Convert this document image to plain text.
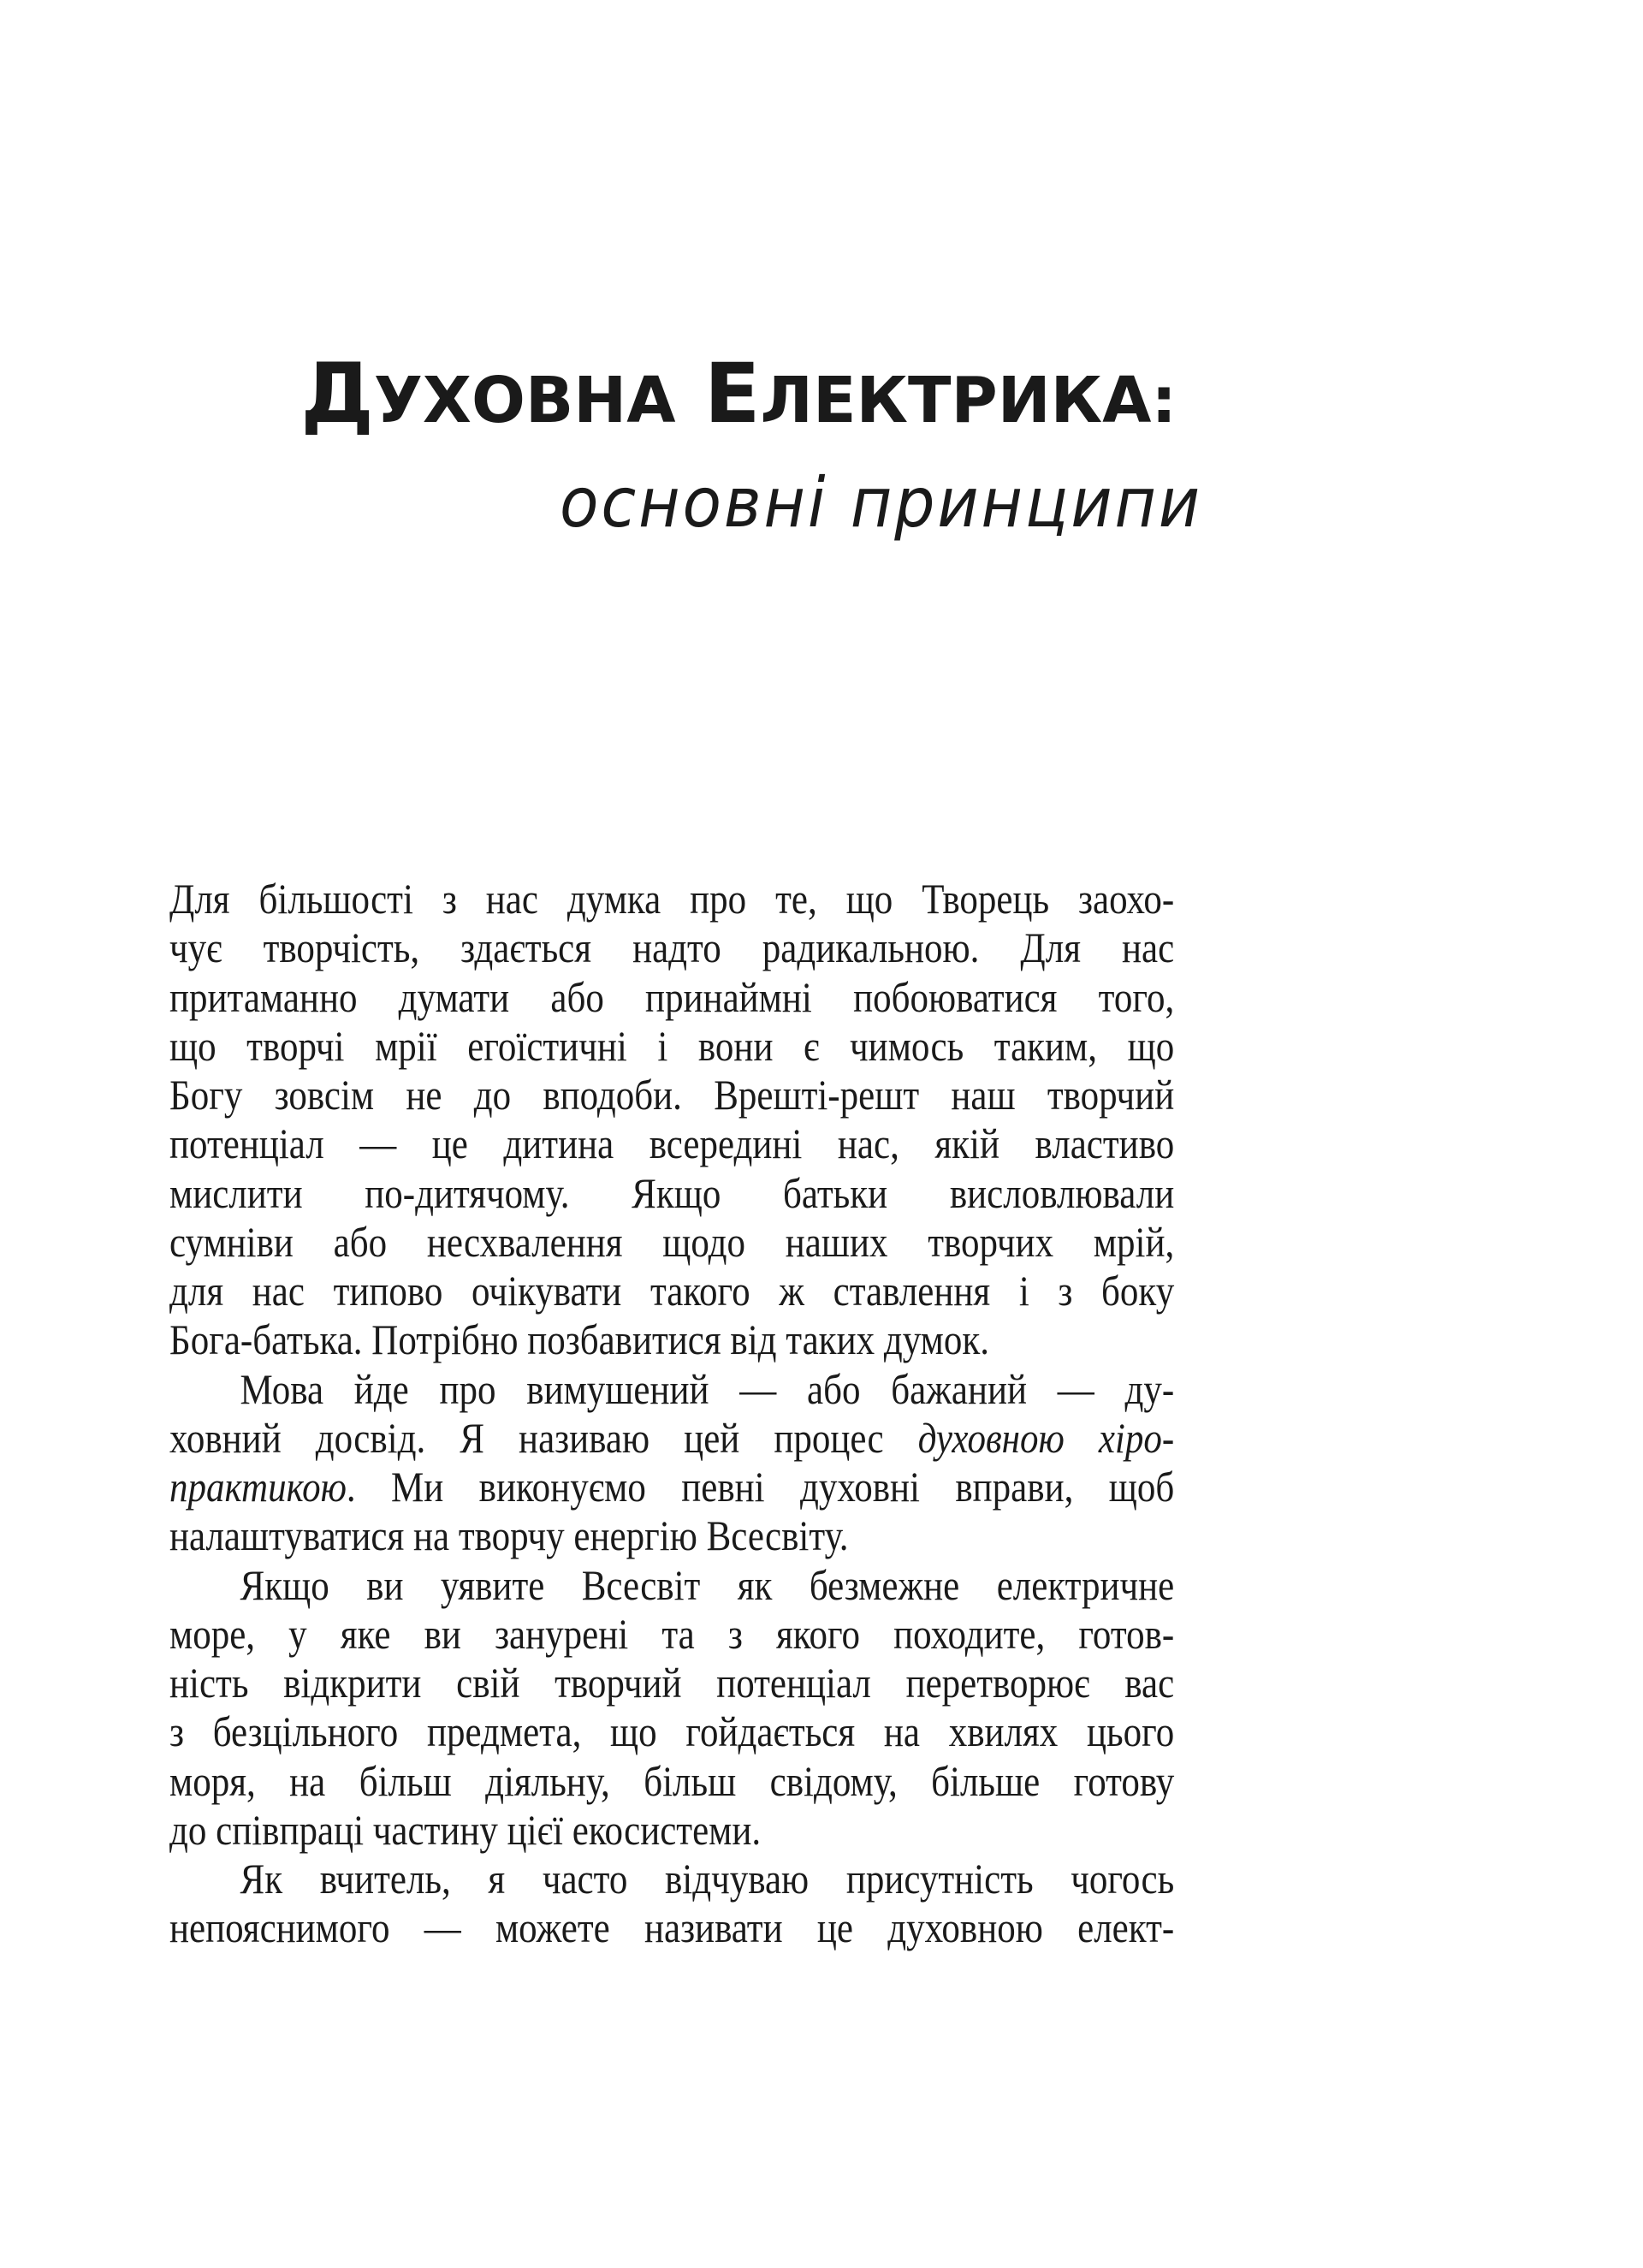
ДУХОВНА ЕЛЕКТРИКА:
основні принципи
Для більшості з нас думка про те, що Творець заохо-
чує творчість, здається надто радикальною. Для нас
притаманно думати або принаймні побоюватися того,
що творчі мрії егоїстичні і вони є чимось таким, що
Богу зовсім не до вподоби. Врешті-решт наш творчий
потенціал — це дитина всередині нас, якій властиво
мислити по-дитячому. Якщо батьки висловлювали
сумніви або несхвалення щодо наших творчих мрій,
для нас типово очікувати такого ж ставлення і з боку
Бога-батька. Потрібно позбавитися від таких думок.
Мова йде про вимушений — або бажаний — ду-
ховний досвід. Я називаю цей процес духовною хіро-
практикою. Ми виконуємо певні духовні вправи, щоб
налаштуватися на творчу енергію Всесвіту.
Якщо ви уявите Всесвіт як безмежне електричне
море, у яке ви занурені та з якого походите, готов-
ність відкрити свій творчий потенціал перетворює вас
з безцільного предмета, що гойдається на хвилях цього
моря, на більш діяльну, більш свідому, більше готову
до співпраці частину цієї екосистеми.
Як вчитель, я часто відчуваю присутність чогось
непояснимого — можете називати це духовною елект-
